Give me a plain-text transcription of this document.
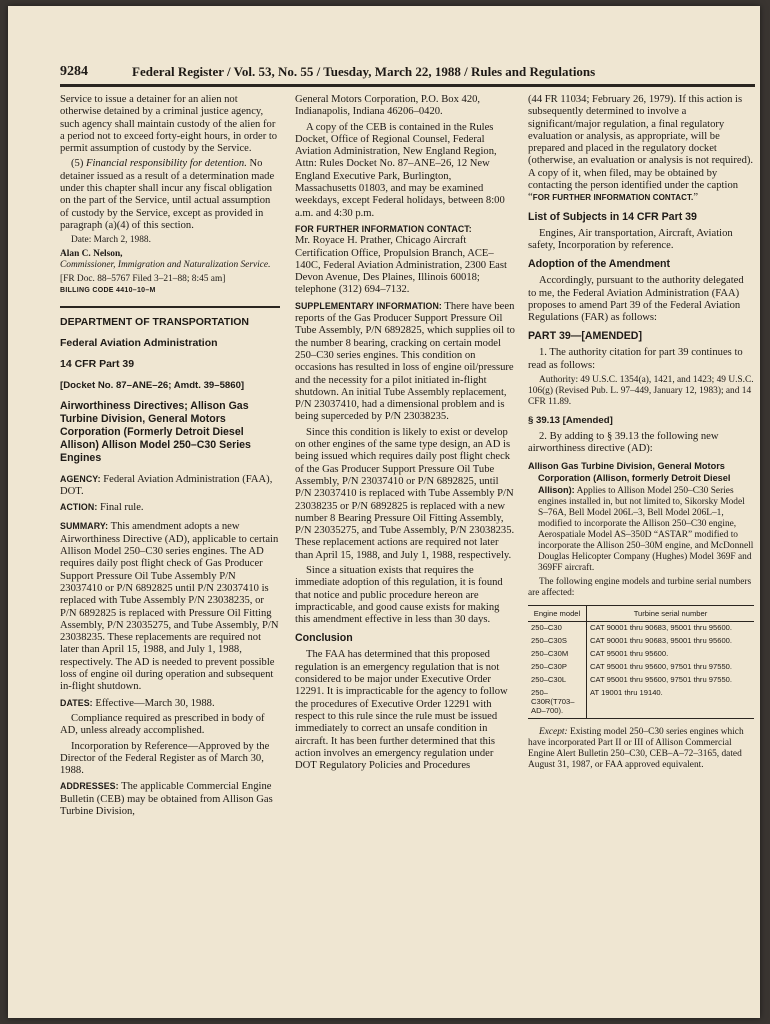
9284	Federal Register / Vol. 53, No. 55 / Tuesday, March 22, 1988 / Rules and Regulations

Service to issue a detainer for an alien not otherwise detained by a criminal justice agency, such agency shall maintain custody of the alien for a period not to exceed forty-eight hours, in order to permit assumption of custody by the Service.

(5) Financial responsibility for detention. No detainer issued as a result of a determination made under this chapter shall incur any fiscal obligation on the part of the Service, until actual assumption of custody by the Service, except as provided in paragraph (a)(4) of this section.

Date: March 2, 1988.

Alan C. Nelson,

Commissioner, Immigration and Naturalization Service.

[FR Doc. 88–5767 Filed 3–21–88; 8:45 am]

BILLING CODE 4410–10–M

DEPARTMENT OF TRANSPORTATION
Federal Aviation Administration
14 CFR Part 39
[Docket No. 87–ANE–26; Amdt. 39–5860]
Airworthiness Directives; Allison Gas Turbine Division, General Motors Corporation (Formerly Detroit Diesel Allison) Allison Model 250–C30 Series Engines

AGENCY: Federal Aviation Administration (FAA), DOT.

ACTION: Final rule.

SUMMARY: This amendment adopts a new Airworthiness Directive (AD), applicable to certain Allison Model 250–C30 series engines. The AD requires daily post flight check of Gas Producer Support Pressure Oil Tube Assembly P/N 23037410 or P/N 6892825 until P/N 23037410 is replaced with Tube Assembly P/N 23038235, or P/N 6892825 is replaced with Pressure Oil Fitting Assembly, P/N 23035275, and Tube Assembly, P/N 23038235. These replacements are required not later than April 15, 1988, and July 1, 1988, respectively. The AD is needed to prevent possible loss of engine oil during operation and subsequent in-flight shutdown.

DATES: Effective—March 30, 1988.

Compliance required as prescribed in body of AD, unless already accomplished.

Incorporation by Reference—Approved by the Director of the Federal Register as of March 30, 1988.

ADDRESSES: The applicable Commercial Engine Bulletin (CEB) may be obtained from Allison Gas Turbine Division,

General Motors Corporation, P.O. Box 420, Indianapolis, Indiana 46206–0420.

A copy of the CEB is contained in the Rules Docket, Office of Regional Counsel, Federal Aviation Administration, New England Region, Attn: Rules Docket No. 87–ANE–26, 12 New England Executive Park, Burlington, Massachusetts 01803, and may be examined weekdays, except Federal holidays, between 8:00 a.m. and 4:30 p.m.

FOR FURTHER INFORMATION CONTACT:

Mr. Royace H. Prather, Chicago Aircraft Certification Office, Propulsion Branch, ACE–140C, Federal Aviation Administration, 2300 East Devon Avenue, Des Plaines, Illinois 60018; telephone (312) 694–7132.

SUPPLEMENTARY INFORMATION: There have been reports of the Gas Producer Support Pressure Oil Tube Assembly, P/N 6892825, which supplies oil to the number 8 bearing, cracking on certain model 250–C30 series engines. This condition on occasions has resulted in loss of engine oil/pressure and the necessity for a pilot initiated in-flight shutdown. An initial Tube Assembly replacement, P/N 23037410, had a dimensional problem and is being superceded by P/N 23038235.

Since this condition is likely to exist or develop on other engines of the same type design, an AD is being issued which requires daily post flight check of the Gas Producer Support Pressure Oil Tube Assembly, P/N 23037410 or P/N 6892825, until P/N 23037410 is replaced with Tube Assembly P/N 23038235 or P/N 6892825 is replaced with a new number 8 Bearing Pressure Oil Fitting Assembly, P/N 23035275, and Tube Assembly, P/N 23038235. These replacement actions are required not later than April 15, 1988, and July 1, 1988, respectively.

Since a situation exists that requires the immediate adoption of this regulation, it is found that notice and public procedure hereon are impracticable, and good cause exists for making this amendment effective in less than 30 days.

Conclusion

The FAA has determined that this proposed regulation is an emergency regulation that is not considered to be major under Executive Order 12291. It is impracticable for the agency to follow the procedures of Executive Order 12291 with respect to this rule since the rule must be issued immediately to correct an unsafe condition in aircraft. It has been further determined that this action involves an emergency regulation under DOT Regulatory Policies and Procedures

(44 FR 11034; February 26, 1979). If this action is subsequently determined to involve a significant/major regulation, a final regulatory evaluation or analysis, as appropriate, will be prepared and placed in the regulatory docket (otherwise, an evaluation or analysis is not required). A copy of it, when filed, may be obtained by contacting the person identified under the caption “FOR FURTHER INFORMATION CONTACT.”

List of Subjects in 14 CFR Part 39

Engines, Air transportation, Aircraft, Aviation safety, Incorporation by reference.

Adoption of the Amendment

Accordingly, pursuant to the authority delegated to me, the Federal Aviation Administration (FAA) proposes to amend Part 39 of the Federal Aviation Regulations (FAR) as follows:

PART 39—[AMENDED]

1. The authority citation for part 39 continues to read as follows:

Authority: 49 U.S.C. 1354(a), 1421, and 1423; 49 U.S.C. 106(g) (Revised Pub. L. 97–449, January 12, 1983); and 14 CFR 11.89.

§ 39.13 [Amended]

2. By adding to § 39.13 the following new airworthiness directive (AD):

Allison Gas Turbine Division, General Motors Corporation (Allison, formerly Detroit Diesel Allison): Applies to Allison Model 250–C30 Series engines installed in, but not limited to, Sikorsky Model S–76A, Bell Model 206L–3, Bell Model 206L–1, modified to incorporate the Allison 250–C30 engine, Aerospatiale Model AS–350D “ASTAR” modified to incorporate the Allison 250–30M engine, and McDonnell Douglas Helicopter Company (Hughes) Model 369F and 369FF aircraft.

The following engine models and turbine serial numbers are affected:

Engine model	Turbine serial number
250–C30	CAT 90001 thru 90683, 95001 thru 95600.
250–C30S	CAT 90001 thru 90683, 95001 thru 95600.
250–C30M	CAT 95001 thru 95600.
250–C30P	CAT 95001 thru 95600, 97501 thru 97550.
250–C30L	CAT 95001 thru 95600, 97501 thru 97550.
250–C30R(T703–AD–700).	AT 19001 thru 19140.

Except: Existing model 250–C30 series engines which have incorporated Part II or III of Allison Commercial Engine Alert Bulletin 250–C30, CEB–A–72–3165, dated August 31, 1987, or FAA approved equivalent.
